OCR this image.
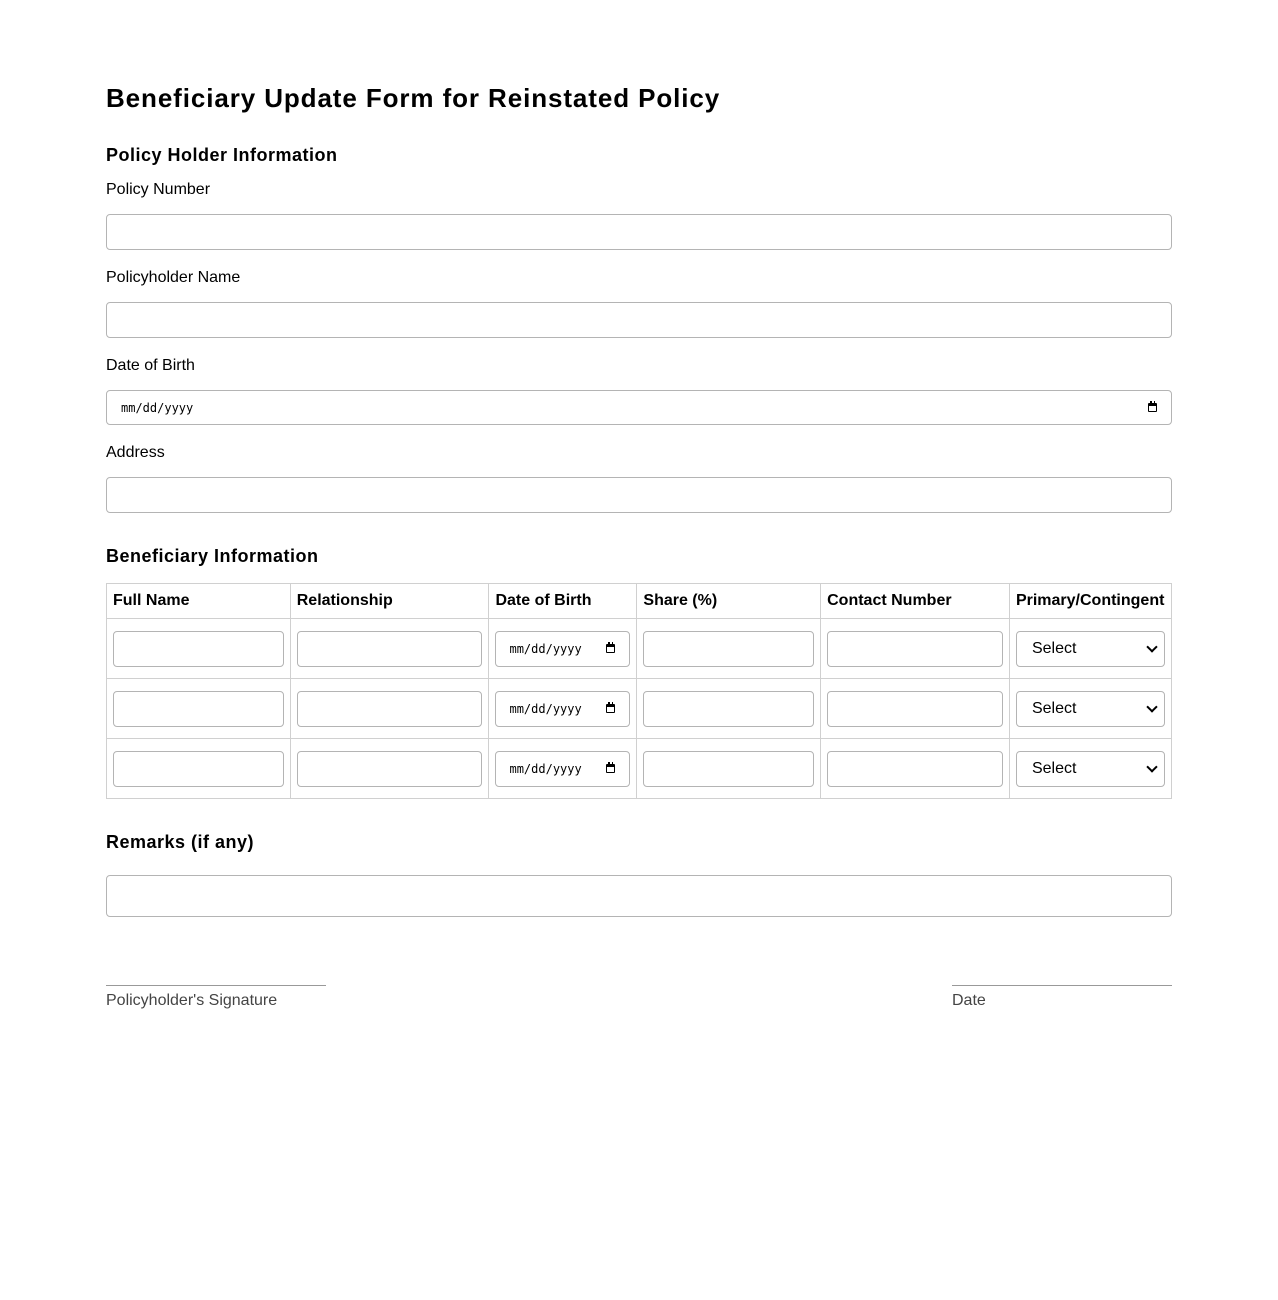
Beneficiary Update Form for Reinstated Policy
Policy Holder Information
Policy Number
Policyholder Name
Date of Birth
mm/dd/yyyy
Address
Beneficiary Information
Full Name	Relationship	Date of Birth	Share (%)	Contact Number	Primary/Contingent

		mm/dd/yyyy			Select

		mm/dd/yyyy			Select

		mm/dd/yyyy			Select
Remarks (if any)
Policyholder's Signature	Date
